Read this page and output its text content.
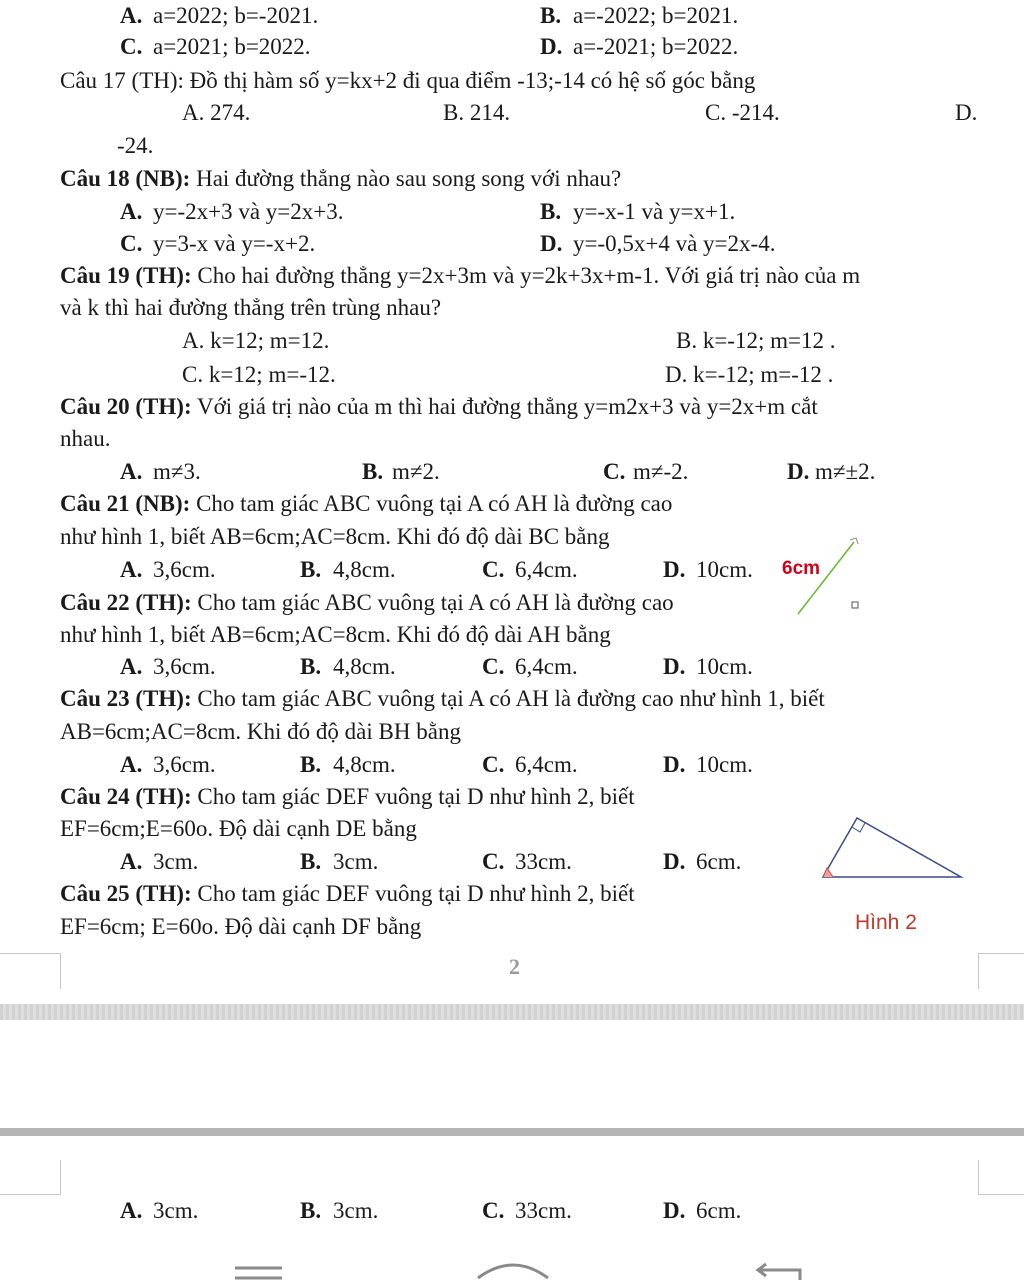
A. a=2022; b=-2021.	B. a=-2022; b=2021.
C. a=2021; b=2022.	D. a=-2021; b=2022.
Câu 17 (TH): Đồ thị hàm số y=kx+2 đi qua điểm -13;-14 có hệ số góc bằng
A. 274.	B. 214.	C. -214.	D.
-24.
Câu 18 (NB): Hai đường thẳng nào sau song song với nhau?
A. y=-2x+3 và y=2x+3.	B. y=-x-1 và y=x+1.
C. y=3-x và y=-x+2.	D. y=-0,5x+4 và y=2x-4.
Câu 19 (TH): Cho hai đường thẳng y=2x+3m và y=2k+3x+m-1. Với giá trị nào của m
và k thì hai đường thẳng trên trùng nhau?
A. k=12; m=12.	B. k=-12; m=12 .
C. k=12; m=-12.	D. k=-12; m=-12 .
Câu 20 (TH): Với giá trị nào của m thì hai đường thẳng y=m2x+3 và y=2x+m cắt
nhau.
A. m≠3.	B. m≠2.	C. m≠-2.	D. m≠±2.
Câu 21 (NB): Cho tam giác ABC vuông tại A có AH là đường cao
như hình 1, biết AB=6cm;AC=8cm. Khi đó độ dài BC bằng
A. 3,6cm.	B. 4,8cm.	C. 6,4cm.	D. 10cm. 6cm
Câu 22 (TH): Cho tam giác ABC vuông tại A có AH là đường cao
như hình 1, biết AB=6cm;AC=8cm. Khi đó độ dài AH bằng
A. 3,6cm.	B. 4,8cm.	C. 6,4cm.	D. 10cm.
Câu 23 (TH): Cho tam giác ABC vuông tại A có AH là đường cao như hình 1, biết
AB=6cm;AC=8cm. Khi đó độ dài BH bằng
A. 3,6cm.	B. 4,8cm.	C. 6,4cm.	D. 10cm.
Câu 24 (TH): Cho tam giác DEF vuông tại D như hình 2, biết
EF=6cm;E=60o. Độ dài cạnh DE bằng
A. 3cm.	B. 3cm.	C. 33cm.	D. 6cm.
Hình 2
Câu 25 (TH): Cho tam giác DEF vuông tại D như hình 2, biết
EF=6cm; E=60o. Độ dài cạnh DF bằng
2
A. 3cm.	B. 3cm.	C. 33cm.	D. 6cm.
